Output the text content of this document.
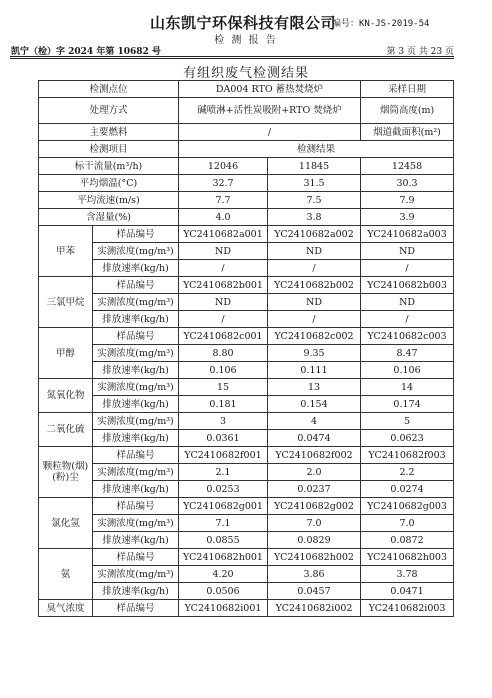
山东凯宁环保科技有限公司
编号：KN-JS-2019-54
检 测 报 告
凯宁（检）字 2024 年第 10682 号	第 3 页 共 23 页
有组织废气检测结果
检测点位		DA004 RTO 蓄热焚烧炉		采样日期	
处理方式		碱喷淋+活性炭吸附+RTO 焚烧炉		烟筒高度(m)	
主要燃料		/		烟道截面积(m²)	
检测项目		检测结果			
标干流量(m³/h)		12046	11845	12458	
平均烟温(°C)		32.7	31.5	30.3	
平均流速(m/s)		7.7	7.5	7.9	
含湿量(%)		4.0	3.8	3.9	
甲苯	样品编号	YC2410682a001	YC2410682a002	YC2410682a003	
	实测浓度(mg/m³)	ND	ND	ND	
	排放速率(kg/h)	/	/	/	
三氯甲烷	样品编号	YC2410682b001	YC2410682b002	YC2410682b003	
	实测浓度(mg/m³)	ND	ND	ND	
	排放速率(kg/h)	/	/	/	
甲醇	样品编号	YC2410682c001	YC2410682c002	YC2410682c003	
	实测浓度(mg/m³)	8.80	9.35	8.47	
	排放速率(kg/h)	0.106	0.111	0.106	
氮氧化物	实测浓度(mg/m³)	15	13	14	
	排放速率(kg/h)	0.181	0.154	0.174	
二氧化硫	实测浓度(mg/m³)	3	4	5	
	排放速率(kg/h)	0.0361	0.0474	0.0623	
颗粒物(烟)(粉)尘	样品编号	YC2410682f001	YC2410682f002	YC2410682f003	
	实测浓度(mg/m³)	2.1	2.0	2.2	
	排放速率(kg/h)	0.0253	0.0237	0.0274	
氯化氢	样品编号	YC2410682g001	YC2410682g002	YC2410682g003	
	实测浓度(mg/m³)	7.1	7.0	7.0	
	排放速率(kg/h)	0.0855	0.0829	0.0872	
氨	样品编号	YC2410682h001	YC2410682h002	YC2410682h003	
	实测浓度(mg/m³)	4.20	3.86	3.78	
	排放速率(kg/h)	0.0506	0.0457	0.0471	
臭气浓度	样品编号	YC2410682i001	YC2410682i002	YC2410682i003	
